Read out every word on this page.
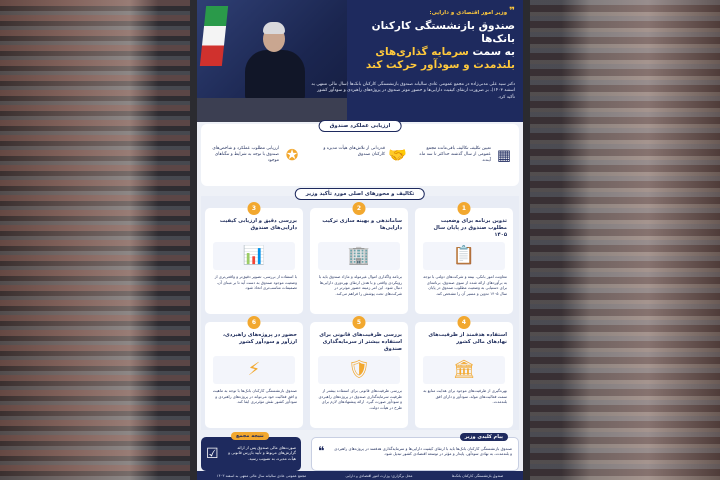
❞وزیر امور اقتصادی و دارایی:
صندوق بازنشستگی کارکنان بانک‌ها
به سمت سرمایه گذاری‌های
بلندمدت و سودآور حرکت کند
دکتر سید علی مدنی‌زاده در مجمع عمومی عادی سالیانه صندوق بازنشستگی کارکنان بانک‌ها (سال مالی منتهی به اسفند ۱۴۰۳)، بر ضرورت ارتقای کیفیت دارایی‌ها و حضور موثر صندوق در پروژه‌های راهبردی و سودآور کشور تأکید کرد.
ارزیابی عملکرد صندوق
▦
تعیین تکلیف تکالیف باقی‌مانده مجمع عمومی از سال گذشته حداکثر تا سه ماه آینده.
🤝
قدردانی از تلاش‌های هیأت مدیره و کارکنان صندوق
✪
ارزیابی مطلوب عملکرد و شاخص‌های صندوق با توجه به شرایط و تنگناهای موجود
تکالیف و محورهای اصلی مورد تأکید وزیر
1
تدوین برنامه برای وضعیت مطلوب صندوق در پایان سال ۱۴۰۵
📋

معاونت امور بانکی، بیمه و شرکت‌های دولتی با توجه به برآوردهای ارائه شده از سوی صندوق، برنامه‌ای برای دستیابی به وضعیت مطلوب صندوق در پایان سال ۱۴۰۵ تدوین و مسیر آن را مشخص کند.

2
ساماندهی و بهینه سازی ترکیب دارایی‌ها
🏢

برنامه واگذاری اموال غیرمولد و مازاد صندوق باید با رویکردی واقعی و با هدف ارتقای بهره‌وری دارایی‌ها دنبال شود. این امر زمینه حضور موثرتر در شرکت‌های تحت پوشش را فراهم می‌کند.

3
بررسی دقیق و ارزیابی کیفیت دارایی‌های صندوق
📊

با استفاده از بررسی، تصویر دقیق‌تر و واقعی‌تری از وضعیت موجود صندوق به دست آید تا بر مبنای آن، تصمیمات مناسب‌تری اتخاذ شود.

4
استفاده هدفمند از ظرفیت‌های نهادهای مالی کشور
🏛

بهره‌گیری از ظرفیت‌های موجود برای هدایت منابع به سمت فعالیت‌های مولد، سودآور و دارای افق بلندمدت.

5
بررسی ظرفیت‌های قانونی برای استفاده بیشتر از سرمایه‌گذاری صندوق
🛡

بررسی ظرفیت‌های قانونی برای استفاده بیشتر از ظرفیت سرمایه‌گذاری صندوق در پروژه‌های راهبردی و سودآور صورت گیرد. ارائه پیشنهادهای لازم برای طرح در هیأت دولت.

6
حضور در پروژه‌های راهبردی، ارزآور و سودآور کشور
⚡

صندوق بازنشستگی کارکنان بانک‌ها با توجه به ماهیت و افق فعالیت خود می‌تواند در پروژه‌های راهبردی و سودآور کشور نقش مؤثرتری ایفا کند.

نتیجه مجمع
☑	صورت‌های مالی صندوق پس از ارائه گزارش‌های مربوط و تأیید بازرس قانونی و هیأت مدیره، به تصویب رسید.
پیام کلیدی وزیر
❝	صندوق بازنشستگی کارکنان بانک‌ها باید با ارتقای کیفیت دارایی‌ها و سرمایه‌گذاری هدفمند در پروژه‌های راهبردی و بلندمدت، به نهادی سودآور، پایدار و مؤثر در توسعه اقتصادی کشور تبدیل شود.
صندوق بازنشستگی کارکنان بانک‌ها
محل برگزاری: وزارت امور اقتصادی و دارایی
مجمع عمومی عادی سالیانه سال مالی منتهی به اسفند ۱۴۰۳
